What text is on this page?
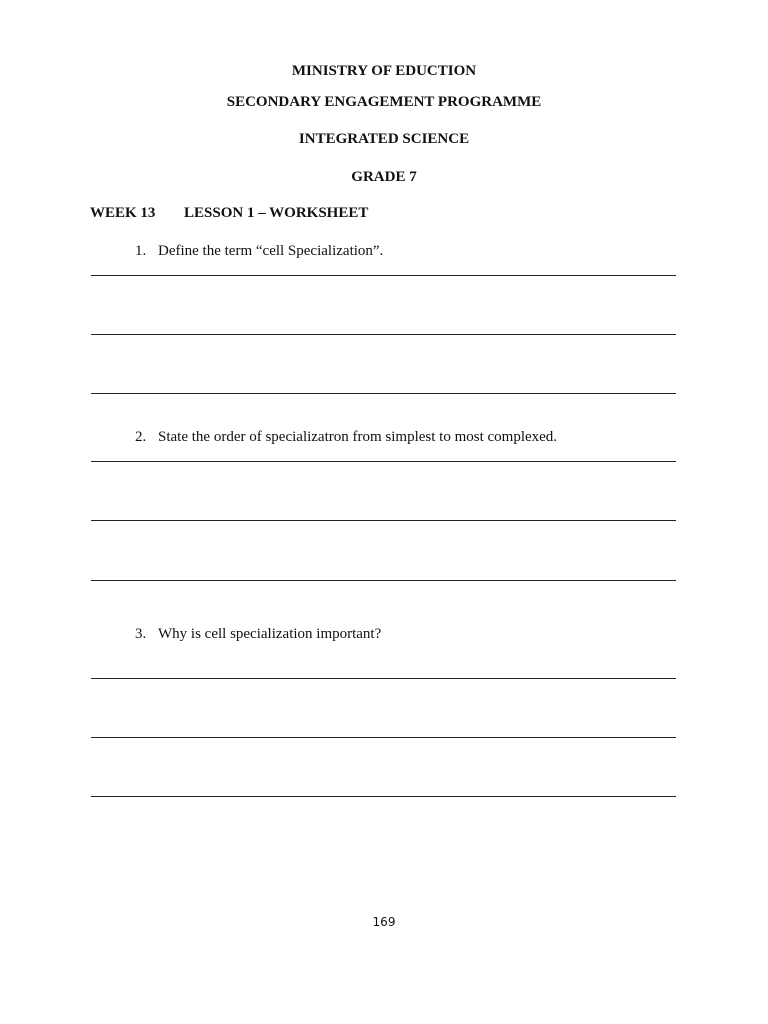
MINISTRY OF EDUCTION
SECONDARY ENGAGEMENT PROGRAMME
INTEGRATED SCIENCE
GRADE 7
WEEK 13 LESSON 1 – WORKSHEET
1. Define the term “cell Specialization”.
2. State the order of specializatron from simplest to most complexed.
3. Why is cell specialization important?
169
